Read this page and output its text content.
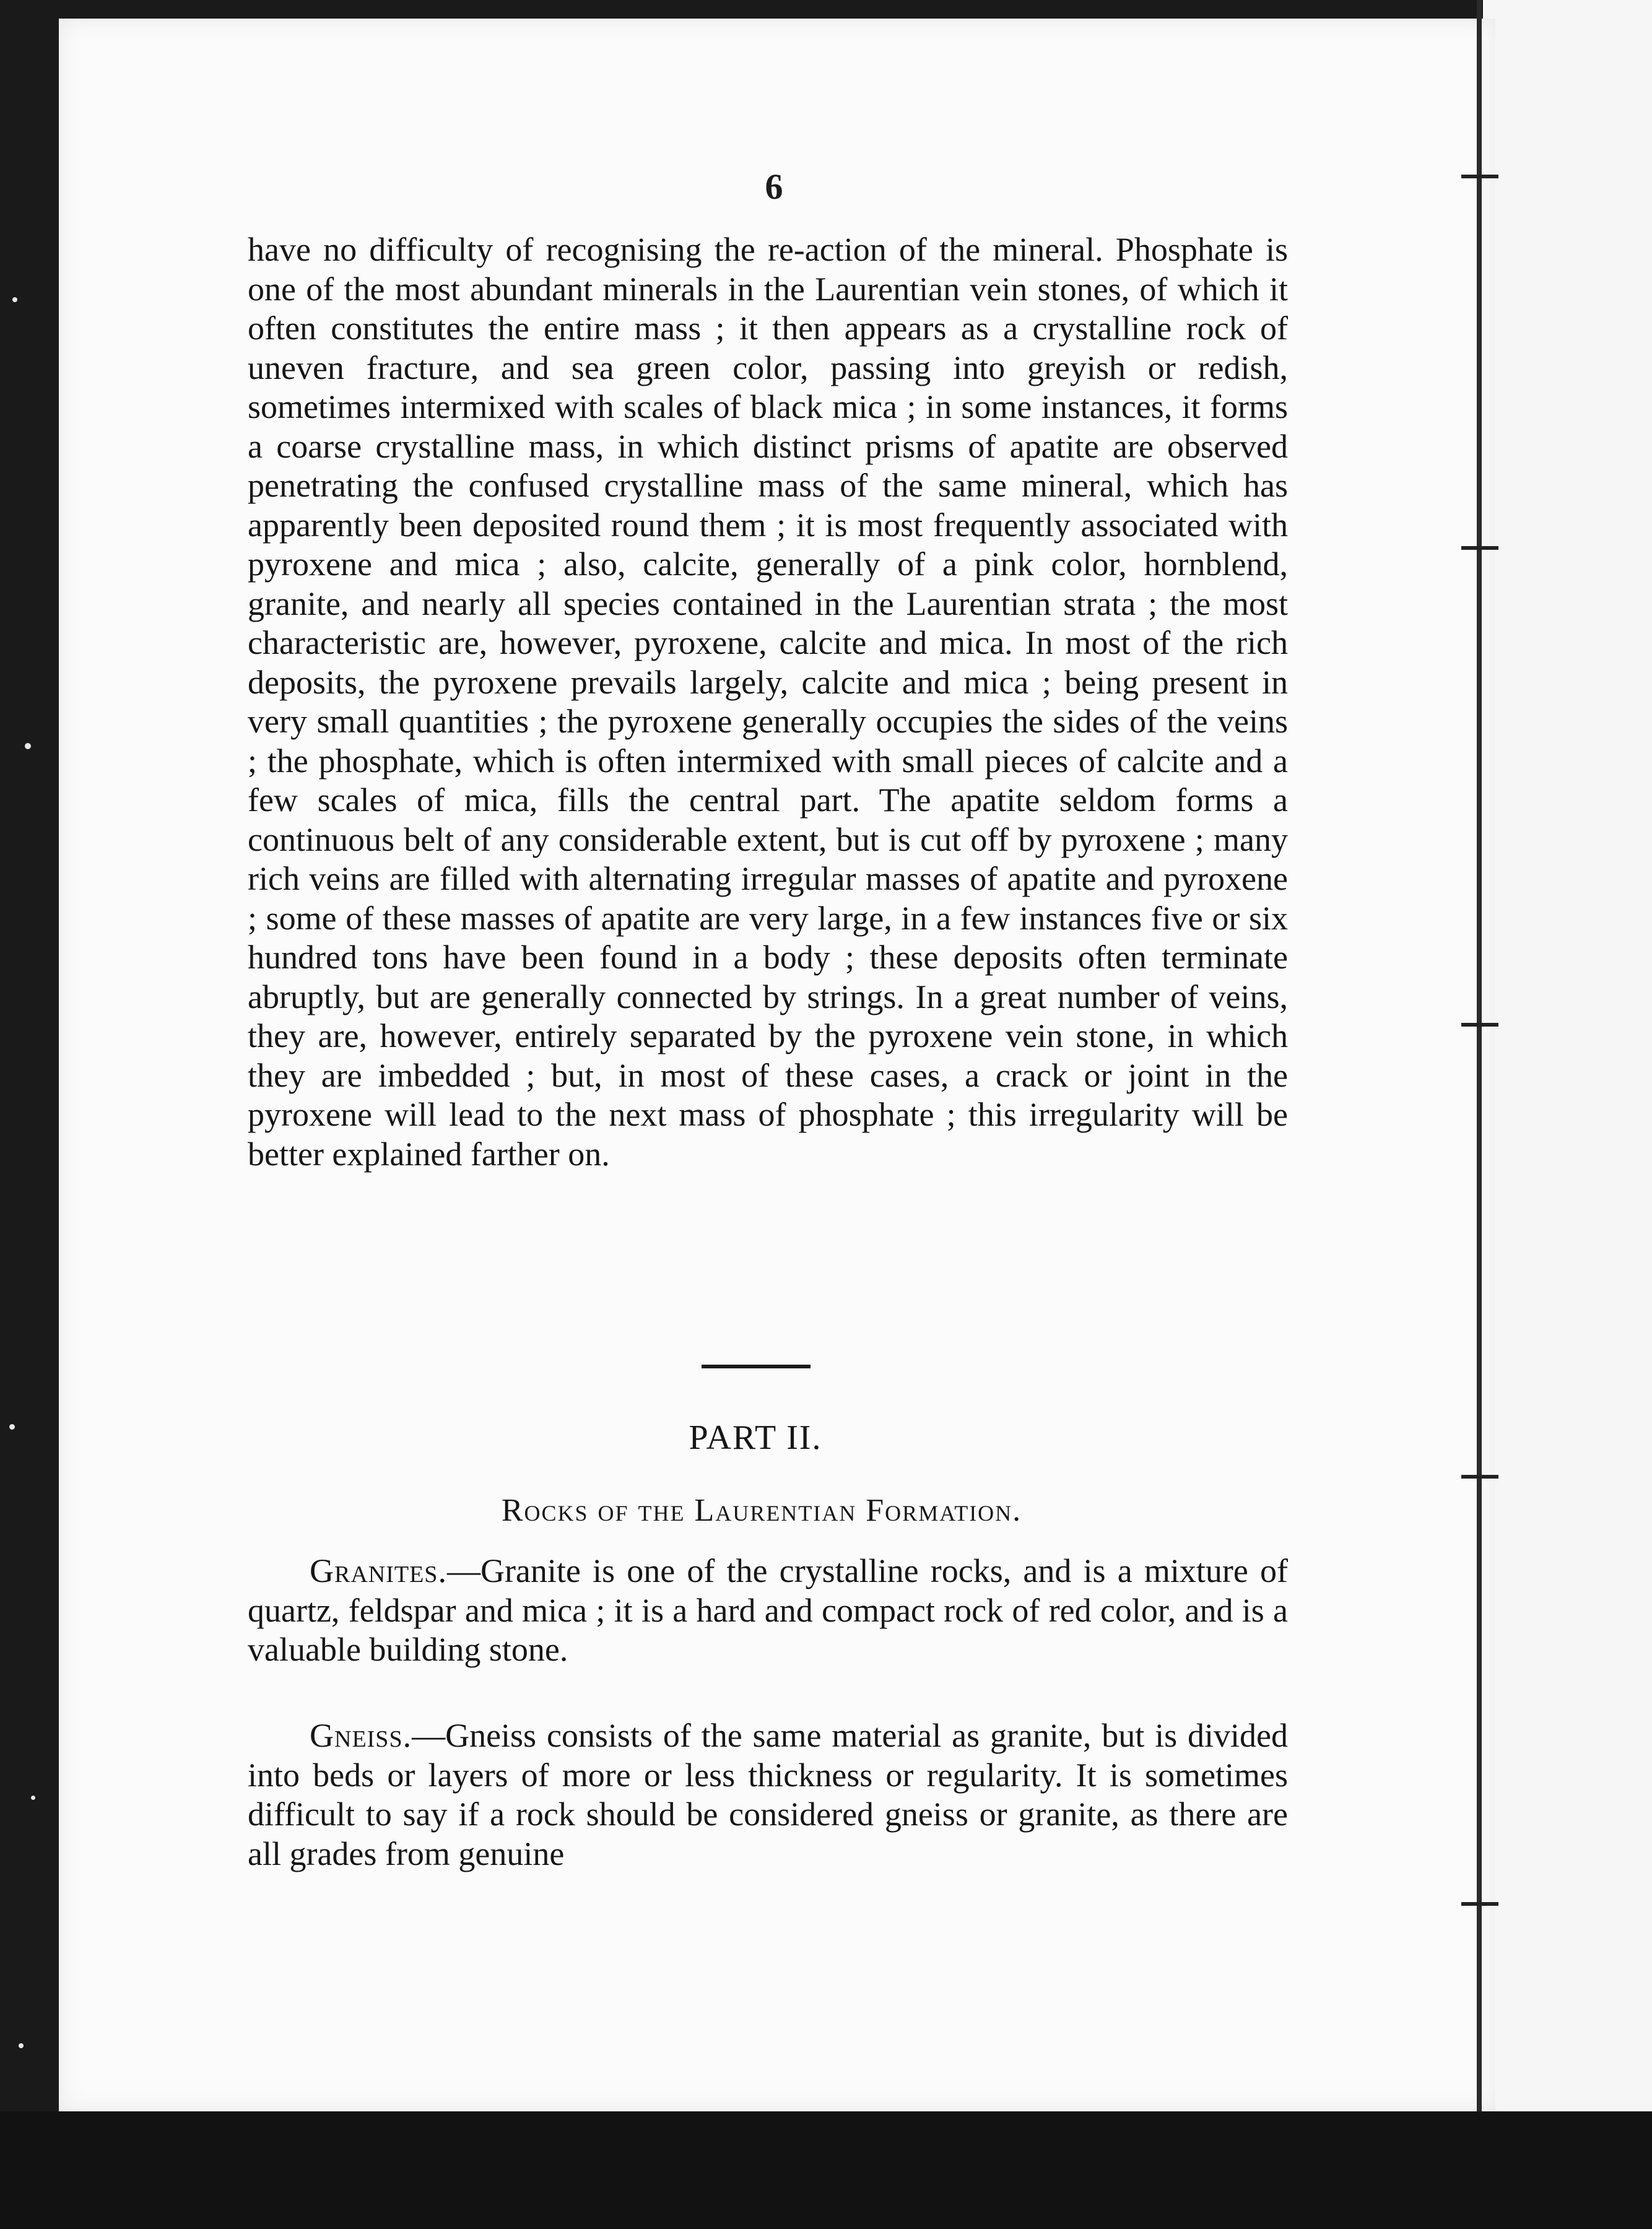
6

have no difficulty of recognising the re-action of the mineral. Phosphate is one of the most abundant minerals in the Laurentian vein stones, of which it often constitutes the entire mass ; it then appears as a crystalline rock of uneven fracture, and sea green color, passing into greyish or redish, sometimes intermixed with scales of black mica ; in some instances, it forms a coarse crystalline mass, in which distinct prisms of apatite are observed penetrating the confused crystalline mass of the same mineral, which has apparently been deposited round them ; it is most frequently associated with pyroxene and mica ; also, calcite, generally of a pink color, hornblend, granite, and nearly all species contained in the Laurentian strata ; the most characteristic are, however, pyroxene, calcite and mica. In most of the rich deposits, the pyroxene prevails largely, calcite and mica ; being present in very small quantities ; the pyroxene generally occupies the sides of the veins ; the phosphate, which is often intermixed with small pieces of calcite and a few scales of mica, fills the central part. The apatite seldom forms a continuous belt of any considerable extent, but is cut off by pyroxene ; many rich veins are filled with alternating irregular masses of apatite and pyroxene ; some of these masses of apatite are very large, in a few instances five or six hundred tons have been found in a body ; these deposits often terminate abruptly, but are generally connected by strings. In a great number of veins, they are, however, entirely separated by the pyroxene vein stone, in which they are imbedded ; but, in most of these cases, a crack or joint in the pyroxene will lead to the next mass of phosphate ; this irregularity will be better explained farther on.

PART II.
Rocks of the Laurentian Formation.

Granites.—Granite is one of the crystalline rocks, and is a mixture of quartz, feldspar and mica ; it is a hard and compact rock of red color, and is a valuable building stone.

Gneiss.—Gneiss consists of the same material as granite, but is divided into beds or layers of more or less thickness or regularity. It is sometimes difficult to say if a rock should be considered gneiss or granite, as there are all grades from genuine
